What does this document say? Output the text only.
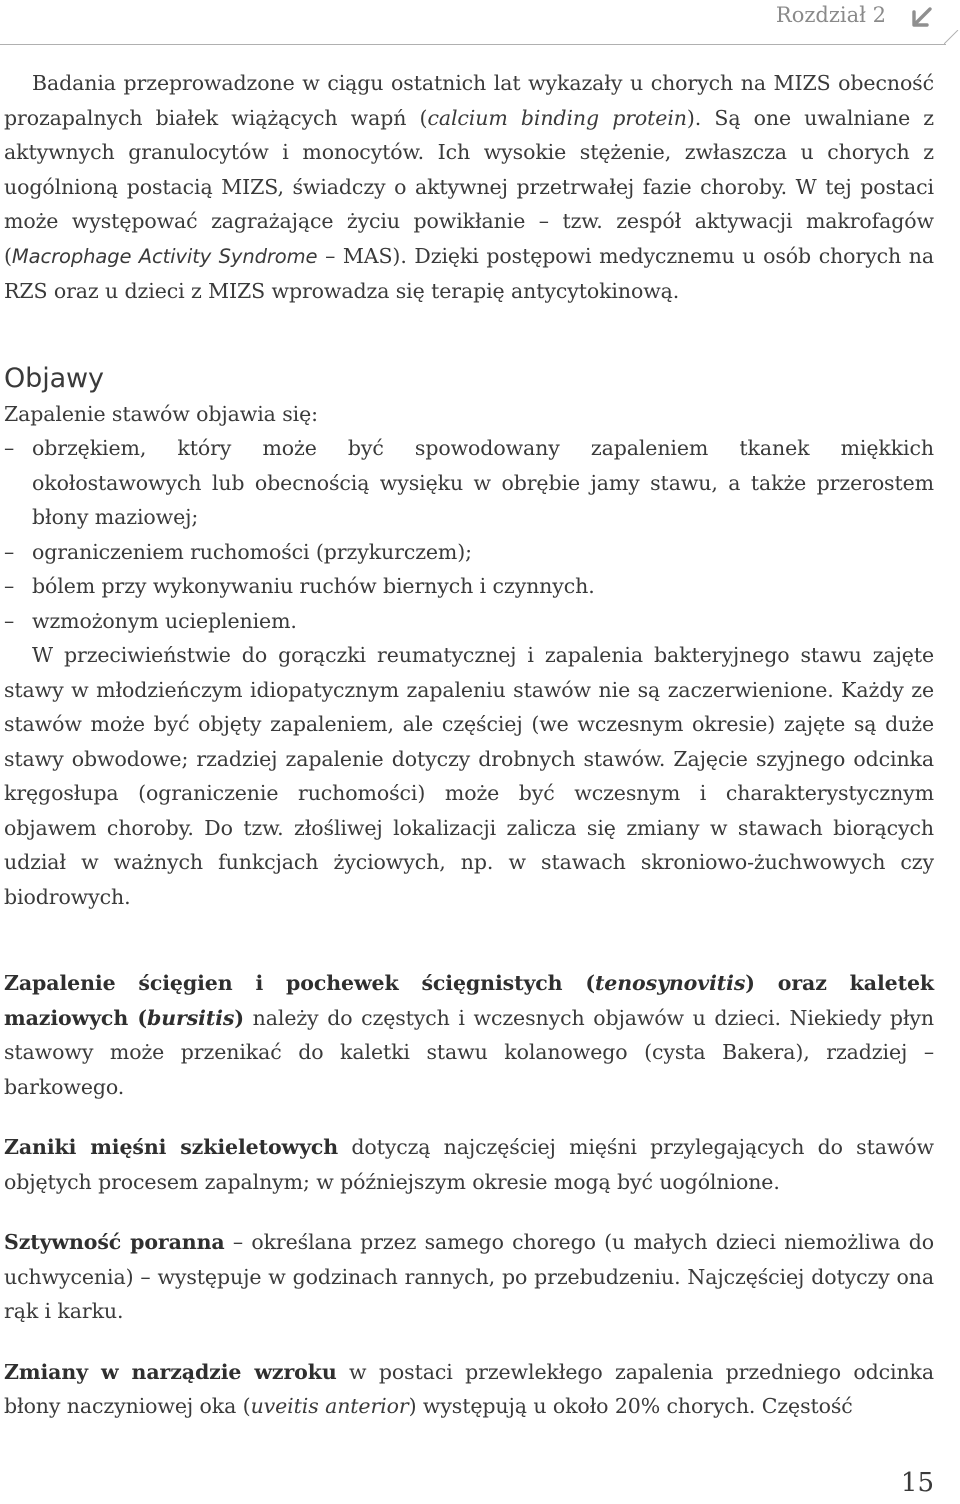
Rozdział 2

Badania przeprowadzone w ciągu ostatnich lat wykazały u chorych na MIZS obecność prozapalnych białek wiążących wapń (calcium binding protein). Są one uwalniane z aktywnych granulocytów i monocytów. Ich wysokie stężenie, zwłaszcza u chorych z uogólnioną postacią MIZS, świadczy o aktywnej przetrwałej fazie choroby. W tej postaci może występować zagrażające życiu powikłanie – tzw. zespół aktywacji makrofagów (Macrophage Activity Syndrome – MAS). Dzięki postępowi medycznemu u osób chorych na RZS oraz u dzieci z MIZS wprowadza się terapię antycytokinową.

Objawy

Zapalenie stawów objawia się:

– obrzękiem, który może być spowodowany zapaleniem tkanek miękkich okołostawowych lub obecnością wysięku w obrębie jamy stawu, a także przerostem błony maziowej;

– ograniczeniem ruchomości (przykurczem);

– bólem przy wykonywaniu ruchów biernych i czynnych.

– wzmożonym uciepleniem.

W przeciwieństwie do gorączki reumatycznej i zapalenia bakteryjnego stawu zajęte stawy w młodzieńczym idiopatycznym zapaleniu stawów nie są zaczerwienione. Każdy ze stawów może być objęty zapaleniem, ale częściej (we wczesnym okresie) zajęte są duże stawy obwodowe; rzadziej zapalenie dotyczy drobnych stawów. Zajęcie szyjnego odcinka kręgosłupa (ograniczenie ruchomości) może być wczesnym i charakterystycznym objawem choroby. Do tzw. złośliwej lokalizacji zalicza się zmiany w stawach biorących udział w ważnych funkcjach życiowych, np. w stawach skroniowo-żuchwowych czy biodrowych.

Zapalenie ścięgien i pochewek ścięgnistych (tenosynovitis) oraz kaletek maziowych (bursitis) należy do częstych i wczesnych objawów u dzieci. Niekiedy płyn stawowy może przenikać do kaletki stawu kolanowego (cysta Bakera), rzadziej – barkowego.

Zaniki mięśni szkieletowych dotyczą najczęściej mięśni przylegających do stawów objętych procesem zapalnym; w późniejszym okresie mogą być uogólnione.

Sztywność poranna – określana przez samego chorego (u małych dzieci niemożliwa do uchwycenia) – występuje w godzinach rannych, po przebudzeniu. Najczęściej dotyczy ona rąk i karku.

Zmiany w narządzie wzroku w postaci przewlekłego zapalenia przedniego odcinka błony naczyniowej oka (uveitis anterior) występują u około 20% chorych. Częstość

15
